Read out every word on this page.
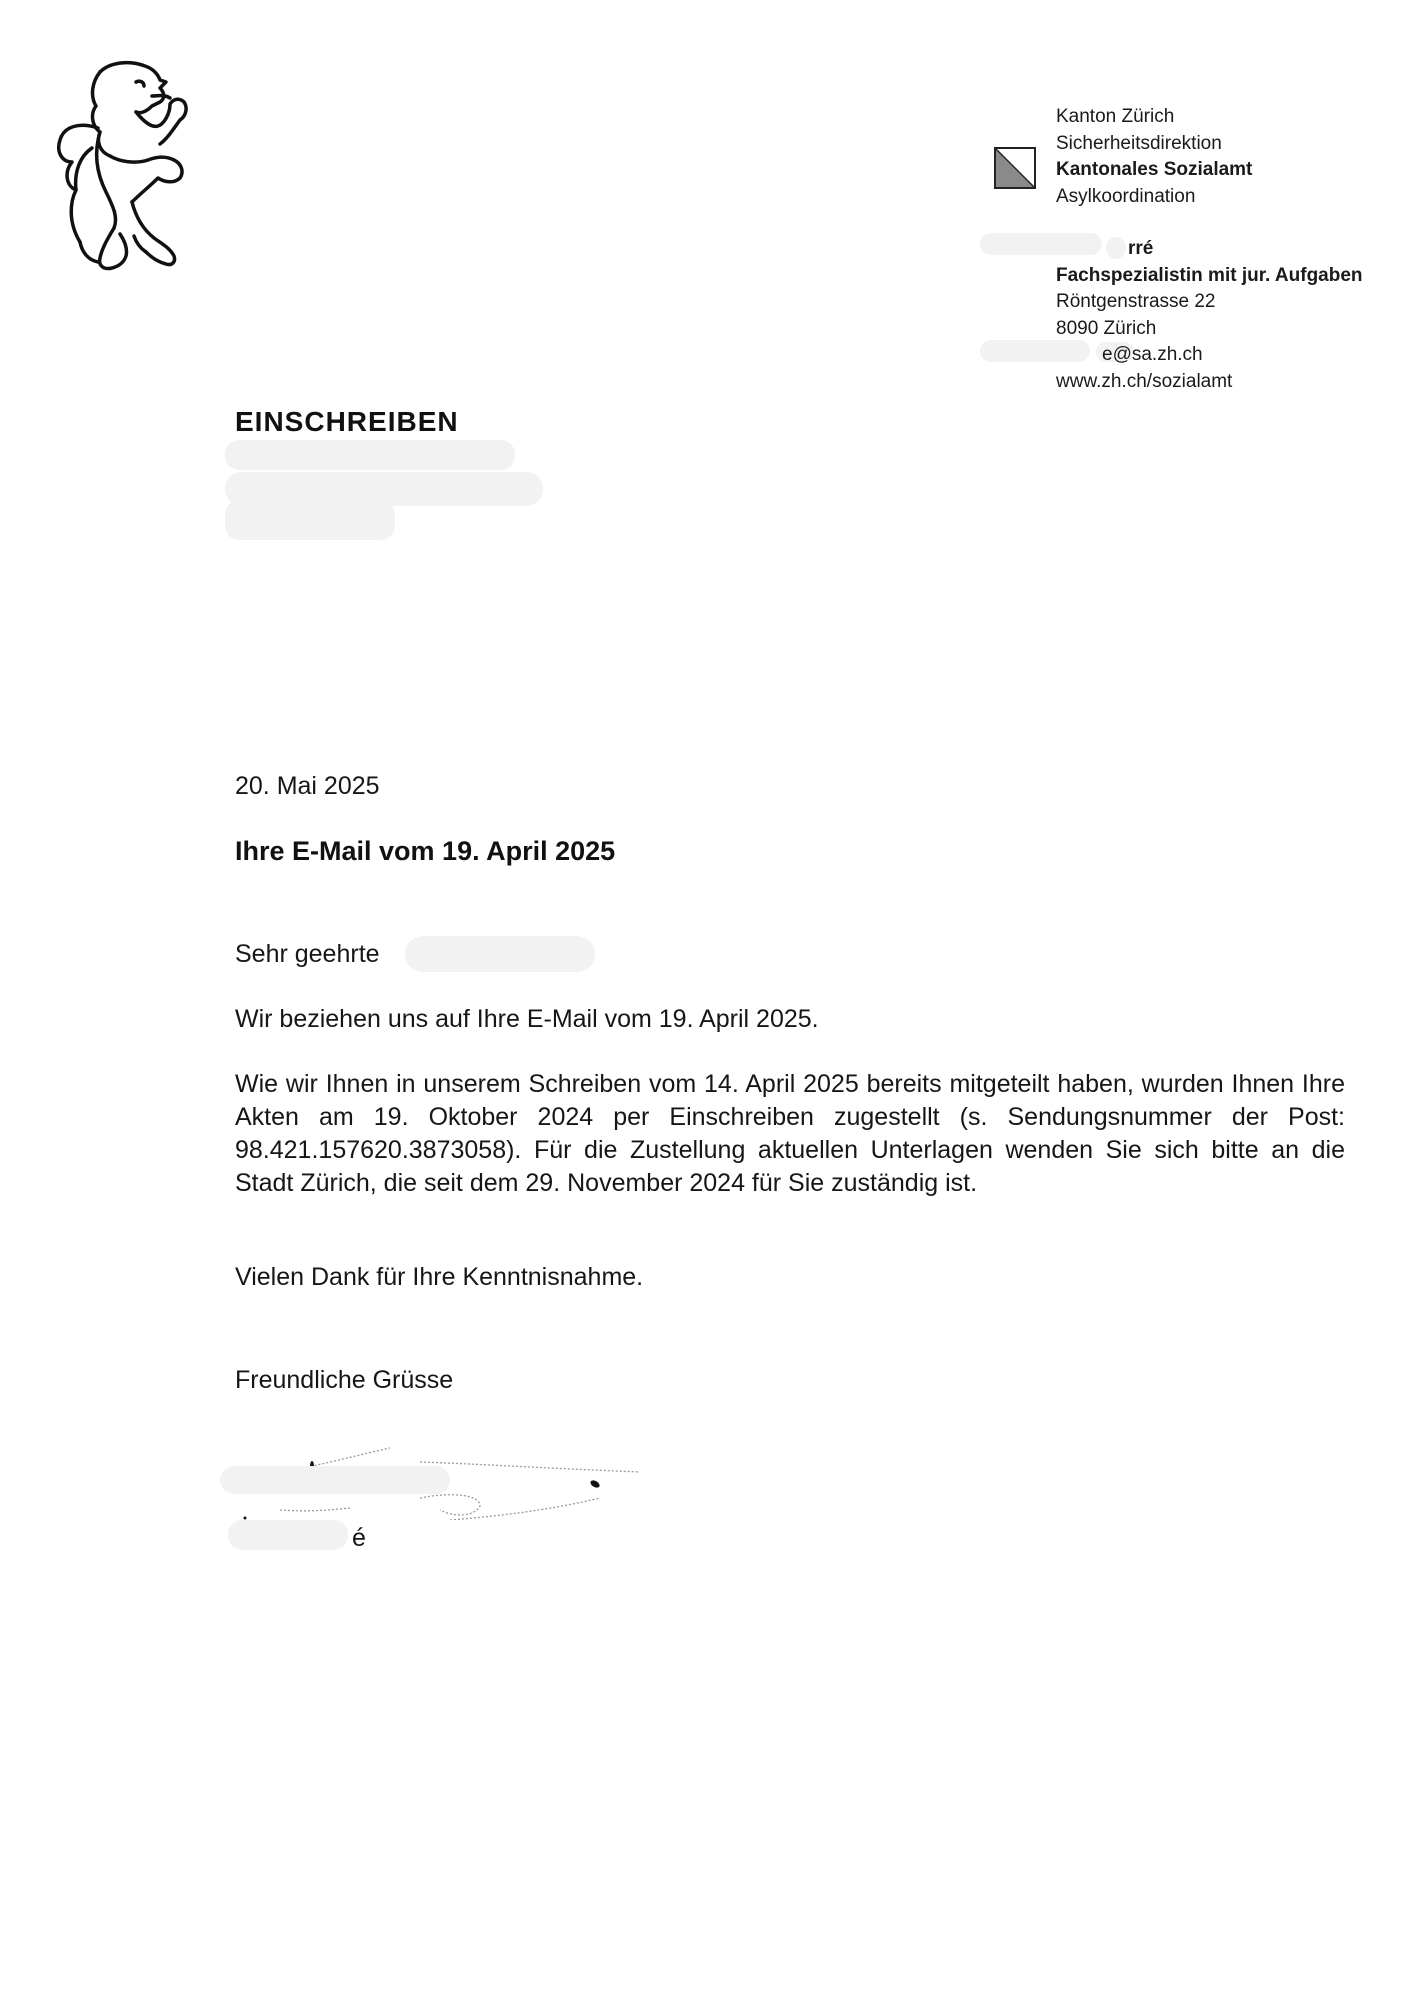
Kanton Zürich
Sicherheitsdirektion
Kantonales Sozialamt
Asylkoordination
rré
Fachspezialistin mit jur. Aufgaben
Röntgenstrasse 22
8090 Zürich
e@sa.zh.ch
www.zh.ch/sozialamt
EINSCHREIBEN
20. Mai 2025
Ihre E-Mail vom 19. April 2025
Sehr geehrte
Wir beziehen uns auf Ihre E-Mail vom 19. April 2025.
Wie wir Ihnen in unserem Schreiben vom 14. April 2025 bereits mitgeteilt haben, wurden Ihnen Ihre Akten am 19. Oktober 2024 per Einschreiben zugestellt (s. Sendungsnummer der Post: 98.421.157620.3873058). Für die Zustellung aktuellen Unterlagen wenden Sie sich bitte an die Stadt Zürich, die seit dem 29. November 2024 für Sie zuständig ist.
Vielen Dank für Ihre Kenntnisnahme.
Freundliche Grüsse
é
